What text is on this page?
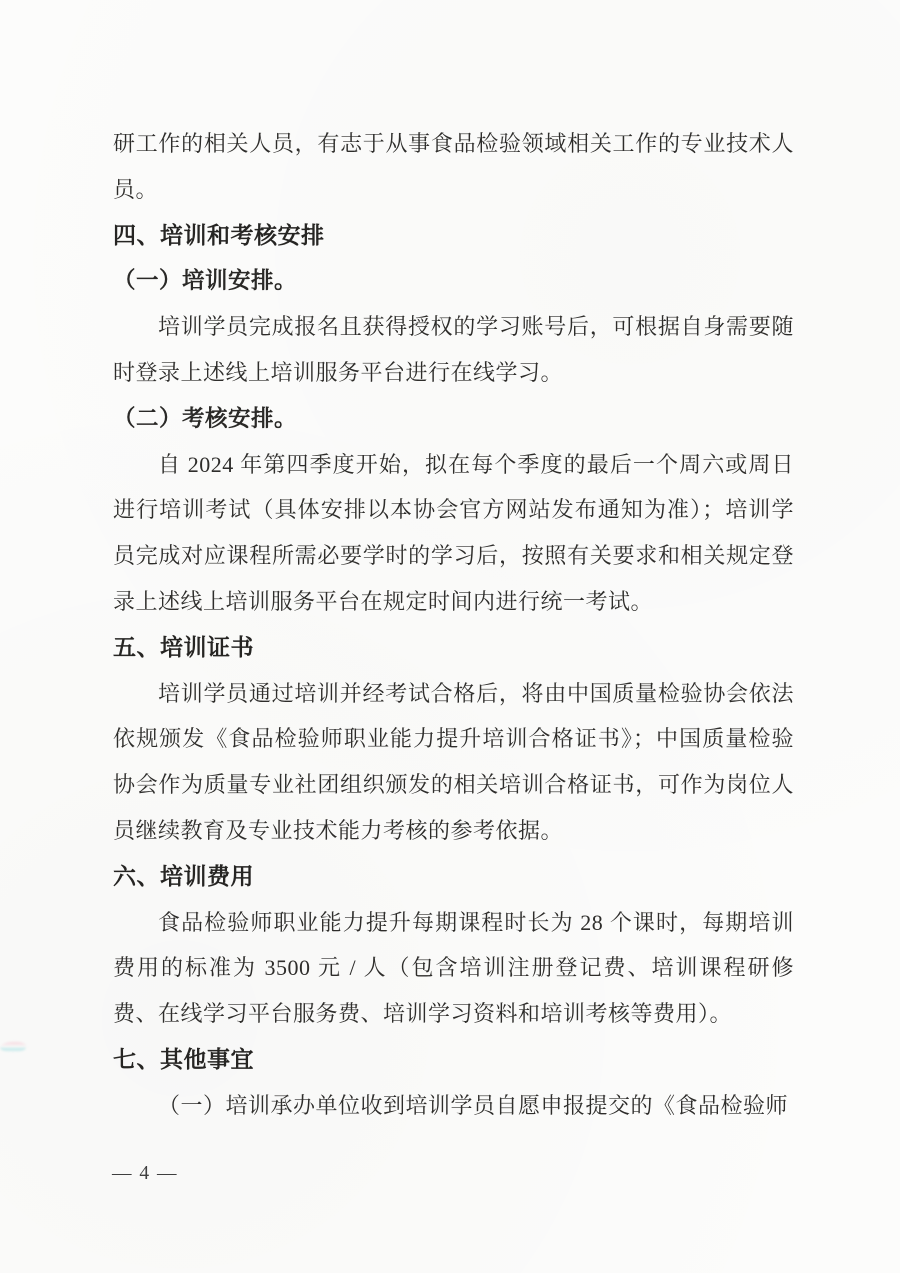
研工作的相关人员，有志于从事食品检验领域相关工作的专业技术人员。

四、培训和考核安排

（一）培训安排。

培训学员完成报名且获得授权的学习账号后，可根据自身需要随时登录上述线上培训服务平台进行在线学习。

（二）考核安排。

自 2024 年第四季度开始，拟在每个季度的最后一个周六或周日进行培训考试（具体安排以本协会官方网站发布通知为准）；培训学员完成对应课程所需必要学时的学习后，按照有关要求和相关规定登录上述线上培训服务平台在规定时间内进行统一考试。

五、培训证书

培训学员通过培训并经考试合格后，将由中国质量检验协会依法依规颁发《食品检验师职业能力提升培训合格证书》；中国质量检验协会作为质量专业社团组织颁发的相关培训合格证书，可作为岗位人员继续教育及专业技术能力考核的参考依据。

六、培训费用

食品检验师职业能力提升每期课程时长为 28 个课时，每期培训费用的标准为 3500 元 / 人（包含培训注册登记费、培训课程研修费、在线学习平台服务费、培训学习资料和培训考核等费用）。

七、其他事宜

（一）培训承办单位收到培训学员自愿申报提交的《食品检验师

— 4 —
